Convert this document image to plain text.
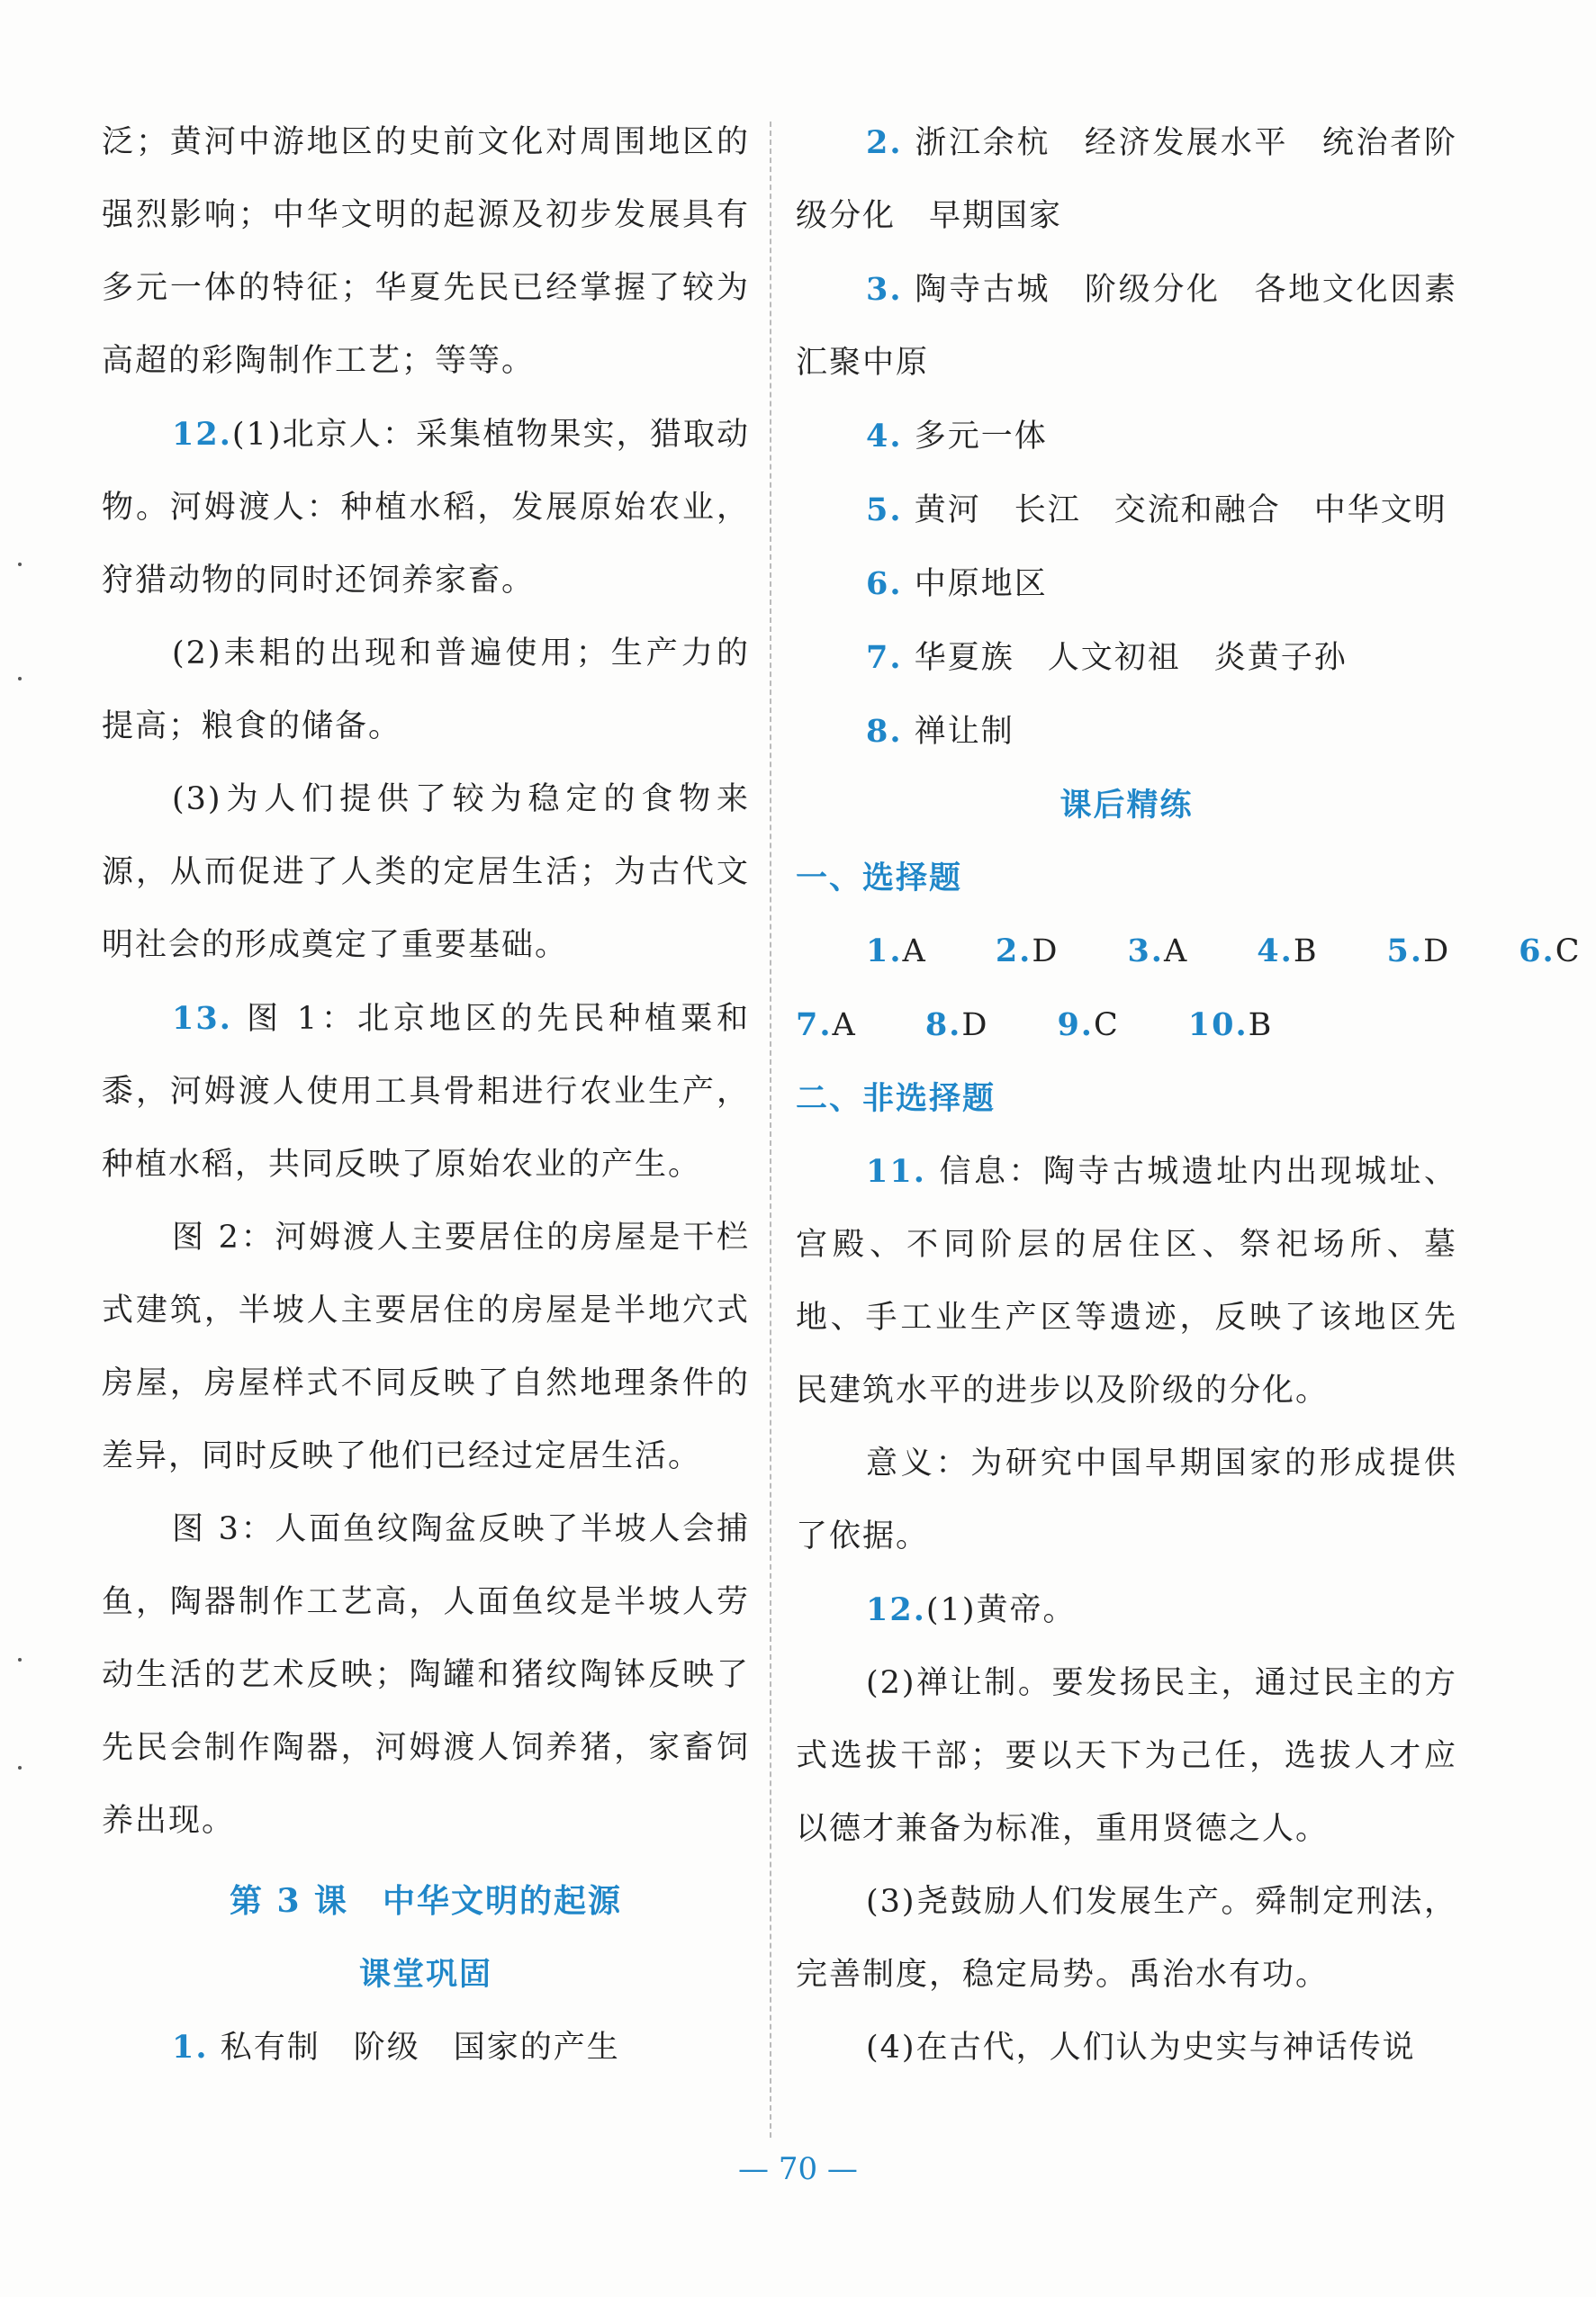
泛；黄河中游地区的史前文化对周围地区的强烈影响；中华文明的起源及初步发展具有多元一体的特征；华夏先民已经掌握了较为高超的彩陶制作工艺；等等。

12.(1)北京人：采集植物果实，猎取动物。河姆渡人：种植水稻，发展原始农业，狩猎动物的同时还饲养家畜。

(2)耒耜的出现和普遍使用；生产力的提高；粮食的储备。

(3)为人们提供了较为稳定的食物来源，从而促进了人类的定居生活；为古代文明社会的形成奠定了重要基础。

13. 图 1：北京地区的先民种植粟和黍，河姆渡人使用工具骨耜进行农业生产，种植水稻，共同反映了原始农业的产生。

图 2：河姆渡人主要居住的房屋是干栏式建筑，半坡人主要居住的房屋是半地穴式房屋，房屋样式不同反映了自然地理条件的差异，同时反映了他们已经过定居生活。

图 3：人面鱼纹陶盆反映了半坡人会捕鱼，陶器制作工艺高，人面鱼纹是半坡人劳动生活的艺术反映；陶罐和猪纹陶钵反映了先民会制作陶器，河姆渡人饲养猪，家畜饲养出现。

第 3 课　中华文明的起源

课堂巩固

1. 私有制　阶级　国家的产生

2. 浙江余杭　经济发展水平　统治者阶级分化　早期国家

3. 陶寺古城　阶级分化　各地文化因素汇聚中原

4. 多元一体

5. 黄河　长江　交流和融合　中华文明

6. 中原地区

7. 华夏族　人文初祖　炎黄子孙

8. 禅让制

课后精练

一、选择题

1.A 2.D 3.A 4.B 5.D 6.C

7.A 8.D 9.C 10.B

二、非选择题

11. 信息：陶寺古城遗址内出现城址、宫殿、不同阶层的居住区、祭祀场所、墓地、手工业生产区等遗迹，反映了该地区先民建筑水平的进步以及阶级的分化。

意义：为研究中国早期国家的形成提供了依据。

12.(1)黄帝。

(2)禅让制。要发扬民主，通过民主的方式选拔干部；要以天下为己任，选拔人才应以德才兼备为标准，重用贤德之人。

(3)尧鼓励人们发展生产。舜制定刑法，完善制度，稳定局势。禹治水有功。

(4)在古代，人们认为史实与神话传说

— 70 —
